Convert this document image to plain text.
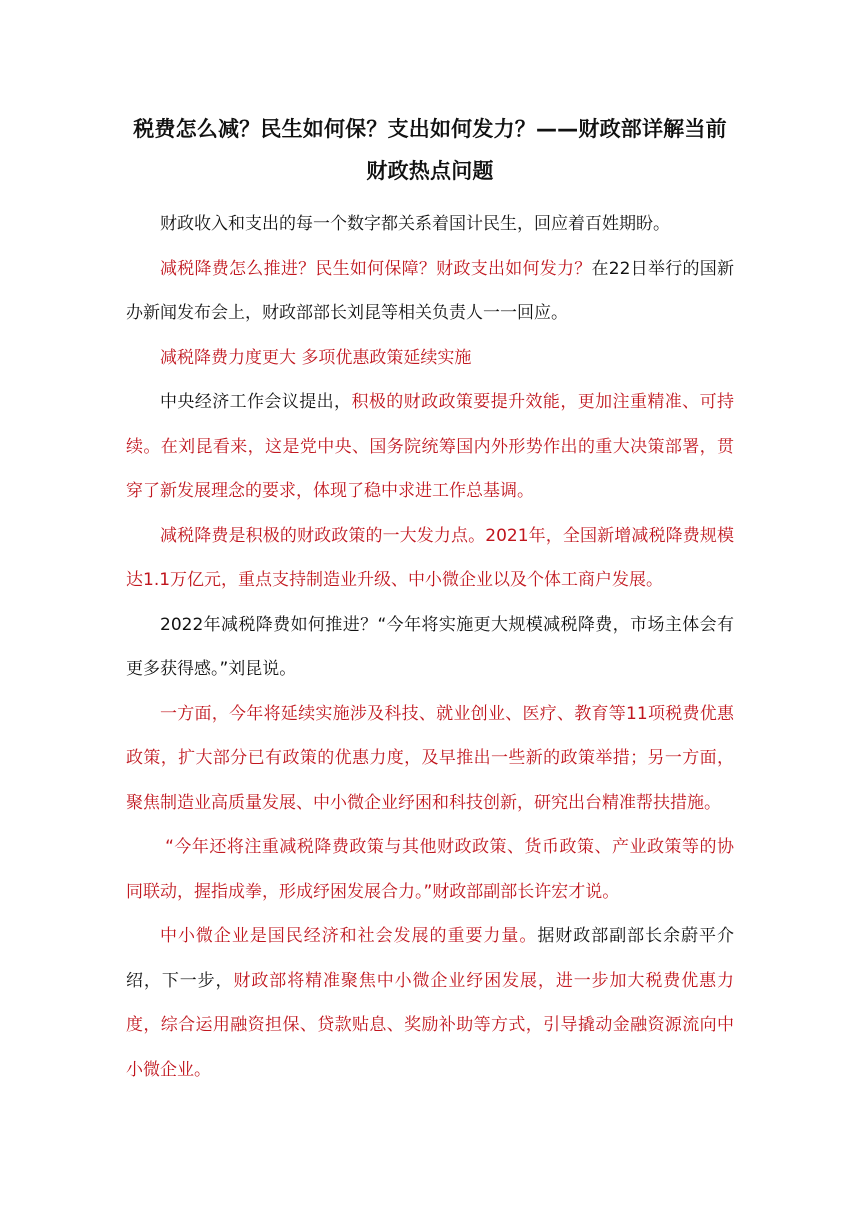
税费怎么减？民生如何保？支出如何发力？——财政部详解当前财政热点问题

财政收入和支出的每一个数字都关系着国计民生，回应着百姓期盼。

减税降费怎么推进？民生如何保障？财政支出如何发力？在22日举行的国新办新闻发布会上，财政部部长刘昆等相关负责人一一回应。

减税降费力度更大 多项优惠政策延续实施

中央经济工作会议提出，积极的财政政策要提升效能，更加注重精准、可持续。在刘昆看来，这是党中央、国务院统筹国内外形势作出的重大决策部署，贯穿了新发展理念的要求，体现了稳中求进工作总基调。

减税降费是积极的财政政策的一大发力点。2021年，全国新增减税降费规模达1.1万亿元，重点支持制造业升级、中小微企业以及个体工商户发展。

2022年减税降费如何推进？“今年将实施更大规模减税降费，市场主体会有更多获得感。”刘昆说。

一方面，今年将延续实施涉及科技、就业创业、医疗、教育等11项税费优惠政策，扩大部分已有政策的优惠力度，及早推出一些新的政策举措；另一方面，聚焦制造业高质量发展、中小微企业纾困和科技创新，研究出台精准帮扶措施。

“今年还将注重减税降费政策与其他财政政策、货币政策、产业政策等的协同联动，握指成拳，形成纾困发展合力。”财政部副部长许宏才说。

中小微企业是国民经济和社会发展的重要力量。据财政部副部长余蔚平介绍，下一步，财政部将精准聚焦中小微企业纾困发展，进一步加大税费优惠力度，综合运用融资担保、贷款贴息、奖励补助等方式，引导撬动金融资源流向中小微企业。
